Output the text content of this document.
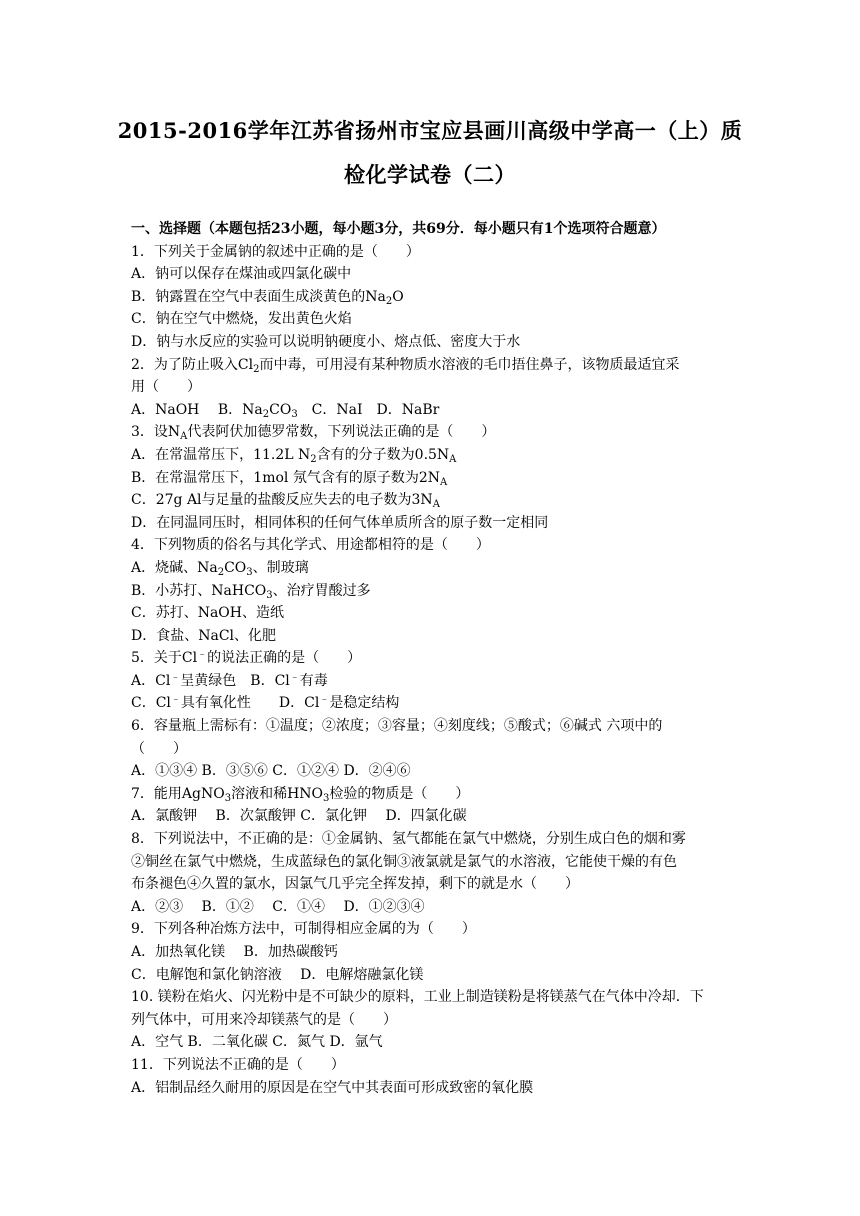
2015-2016学年江苏省扬州市宝应县画川高级中学高一（上）质
检化学试卷（二）
一、选择题（本题包括23小题，每小题3分，共69分．每小题只有1个选项符合题意）
1．下列关于金属钠的叙述中正确的是（　　）
A．钠可以保存在煤油或四氯化碳中
B．钠露置在空气中表面生成淡黄色的$Na_2O$
C．钠在空气中燃烧，发出黄色火焰
D．钠与水反应的实验可以说明钠硬度小、熔点低、密度大于水
2．为了防止吸入$Cl_2$而中毒，可用浸有某种物质水溶液的毛巾捂住鼻子，该物质最适宜采
用（　　）
A．NaOH　 B．$Na_2CO_3$　C．NaI　D．NaBr
3．设$N_A$代表阿伏加德罗常数，下列说法正确的是（　　）
A．在常温常压下，11.2L $N_2$含有的分子数为$0.5N_A$
B．在常温常压下，1mol 氖气含有的原子数为$2N_A$
C．27g Al与足量的盐酸反应失去的电子数为$3N_A$
D．在同温同压时，相同体积的任何气体单质所含的原子数一定相同
4．下列物质的俗名与其化学式、用途都相符的是（　　）
A．烧碱、$Na_2CO_3$、制玻璃
B．小苏打、NaHCO$_3$、治疗胃酸过多
C．苏打、NaOH、造纸
D．食盐、NaCl、化肥
5．关于Cl﹣的说法正确的是（　　）
A．Cl﹣呈黄绿色　B．Cl﹣有毒
C．Cl﹣具有氧化性　　D．Cl﹣是稳定结构
6．容量瓶上需标有：①温度；②浓度；③容量；④刻度线；⑤酸式；⑥碱式 六项中的
（　　）
A．①③④ B．③⑤⑥ C．①②④ D．②④⑥
7．能用AgNO$_3$溶液和稀$HNO_3$检验的物质是（　　）
A．氯酸钾　 B．次氯酸钾 C．氯化钾　 D．四氯化碳
8．下列说法中，不正确的是：①金属钠、氢气都能在氯气中燃烧，分别生成白色的烟和雾
②铜丝在氯气中燃烧，生成蓝绿色的氯化铜③液氯就是氯气的水溶液，它能使干燥的有色
布条褪色④久置的氯水，因氯气几乎完全挥发掉，剩下的就是水（　　）
A．②③　 B．①②　 C．①④　 D．①②③④
9．下列各种冶炼方法中，可制得相应金属的为（　　）
A．加热氧化镁　 B．加热碳酸钙
C．电解饱和氯化钠溶液　 D．电解熔融氯化镁
10. 镁粉在焰火、闪光粉中是不可缺少的原料，工业上制造镁粉是将镁蒸气在气体中冷却．下
列气体中，可用来冷却镁蒸气的是（　　）
A．空气 B．二氧化碳 C．氮气 D．氩气
11．下列说法不正确的是（　　）
A．铝制品经久耐用的原因是在空气中其表面可形成致密的氧化膜
